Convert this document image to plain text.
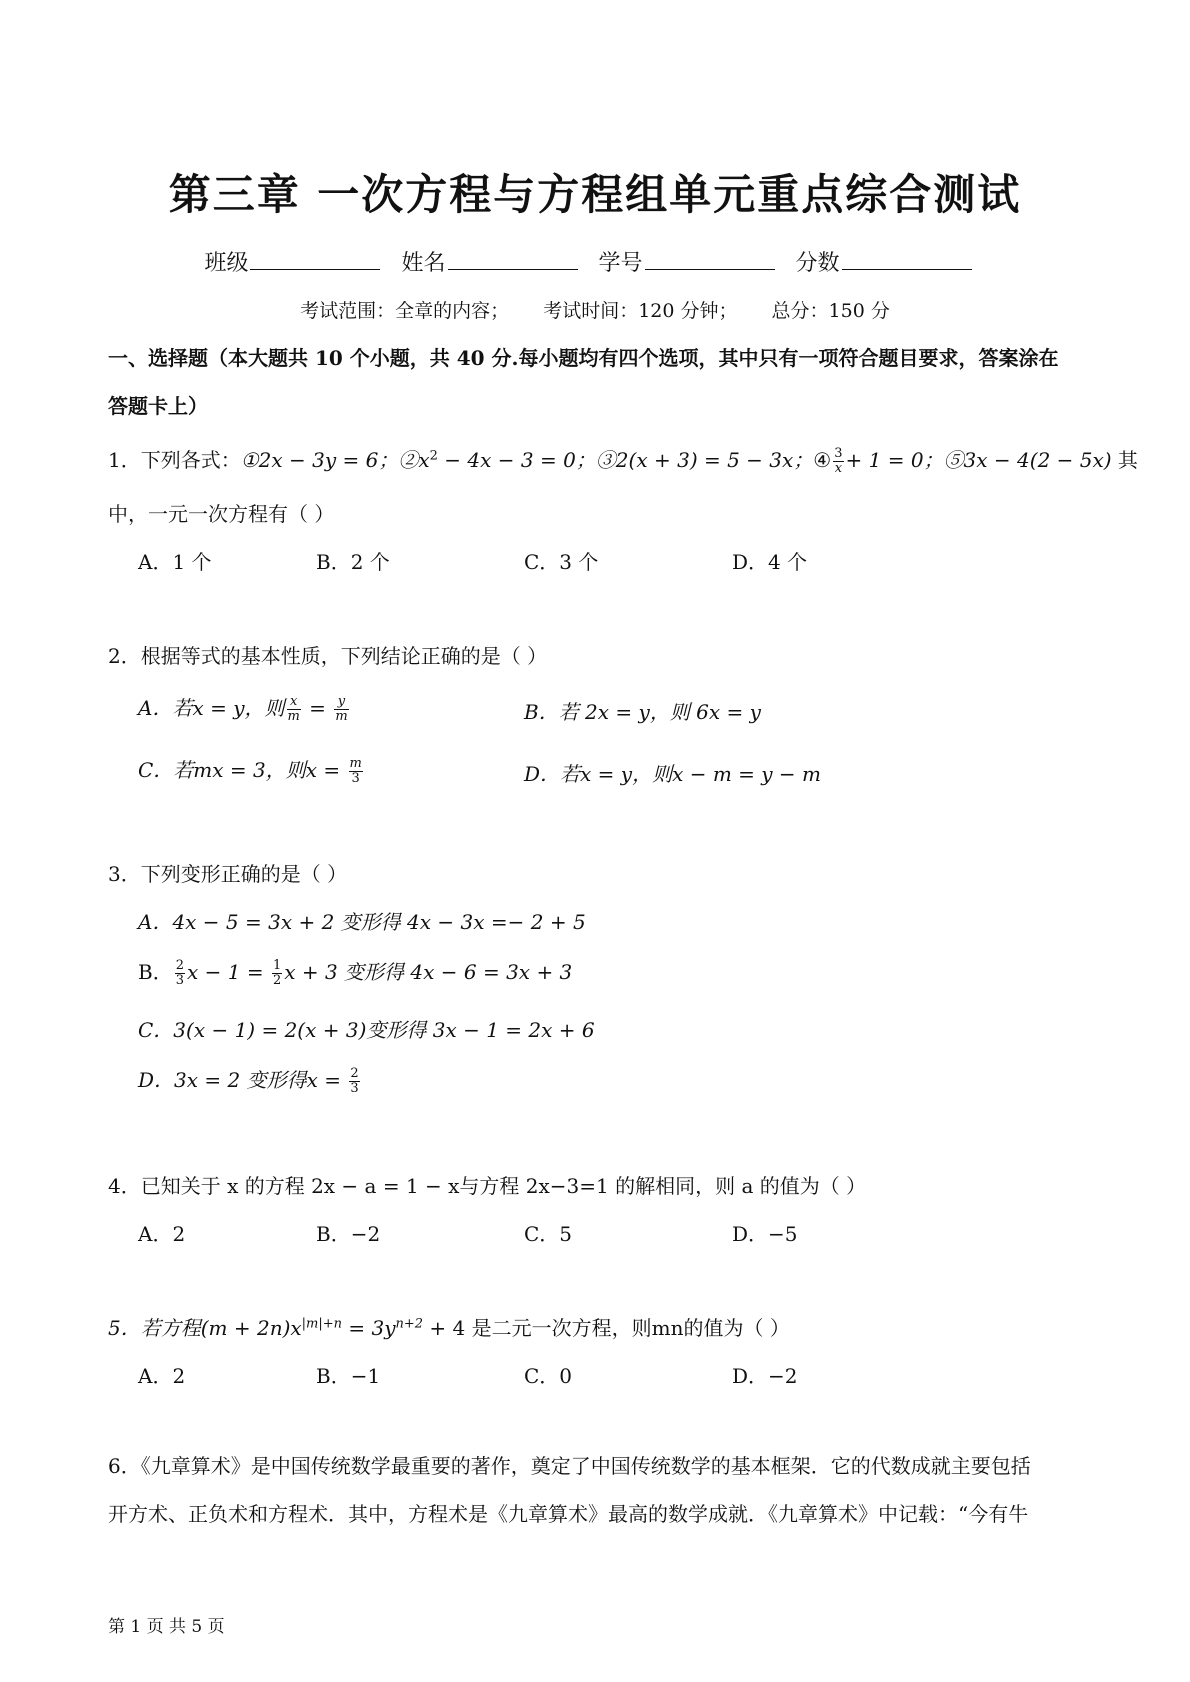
第三章 一次方程与方程组单元重点综合测试
班级	姓名	学号	分数
考试范围：全章的内容； 考试时间：120 分钟； 总分：150 分
一、选择题（本大题共 10 个小题，共 40 分.每小题均有四个选项，其中只有一项符合题目要求，答案涂在
答题卡上）
1．下列各式：①2x − 3y = 6；$②x^2 - 4x - 3 = 0$；③2(x + 3) = 5 − 3x；④ $\frac{3}{x} + 1 = 0$；⑤3x − 4(2 − 5x) 其
中，一元一次方程有（ ）
A．1 个	B．2 个	C．3 个	D．4 个
2．根据等式的基本性质，下列结论正确的是（ ）
A．若x = y，则 $\frac{x}{m} = \frac{y}{m}$	B．若 2x = y，则 6x = y
C．若mx = 3，则$x = \frac{m}{3}$	D．若x = y，则x − m = y − m
3．下列变形正确的是（ ）
A．4x − 5 = 3x + 2 变形得 4x − 3x =− 2 + 5
B． $\frac{2}{3}$ $x - 1 = \frac{1}{2}$ x + 3 变形得 4x − 6 = 3x + 3
C．3(x − 1) = 2(x + 3)变形得 3x − 1 = 2x + 6
D．3x = 2 变形得$x = \frac{2}{3}$
4．已知关于 x 的方程 2x − a = 1 − x与方程 2x−3=1 的解相同，则 a 的值为（ ）
A．2	B．−2	C．5	D．−5
5．若方程$(m + 2n)x^{|m|+n} = 3y^{n+2} + 4$ 是二元一次方程，则mn的值为（ ）
A．2	B．−1	C．0	D．−2
6．《九章算术》是中国传统数学最重要的著作，奠定了中国传统数学的基本框架．它的代数成就主要包括
开方术、正负术和方程术．其中，方程术是《九章算术》最高的数学成就．《九章算术》中记载：“今有牛
第 1 页 共 5 页
